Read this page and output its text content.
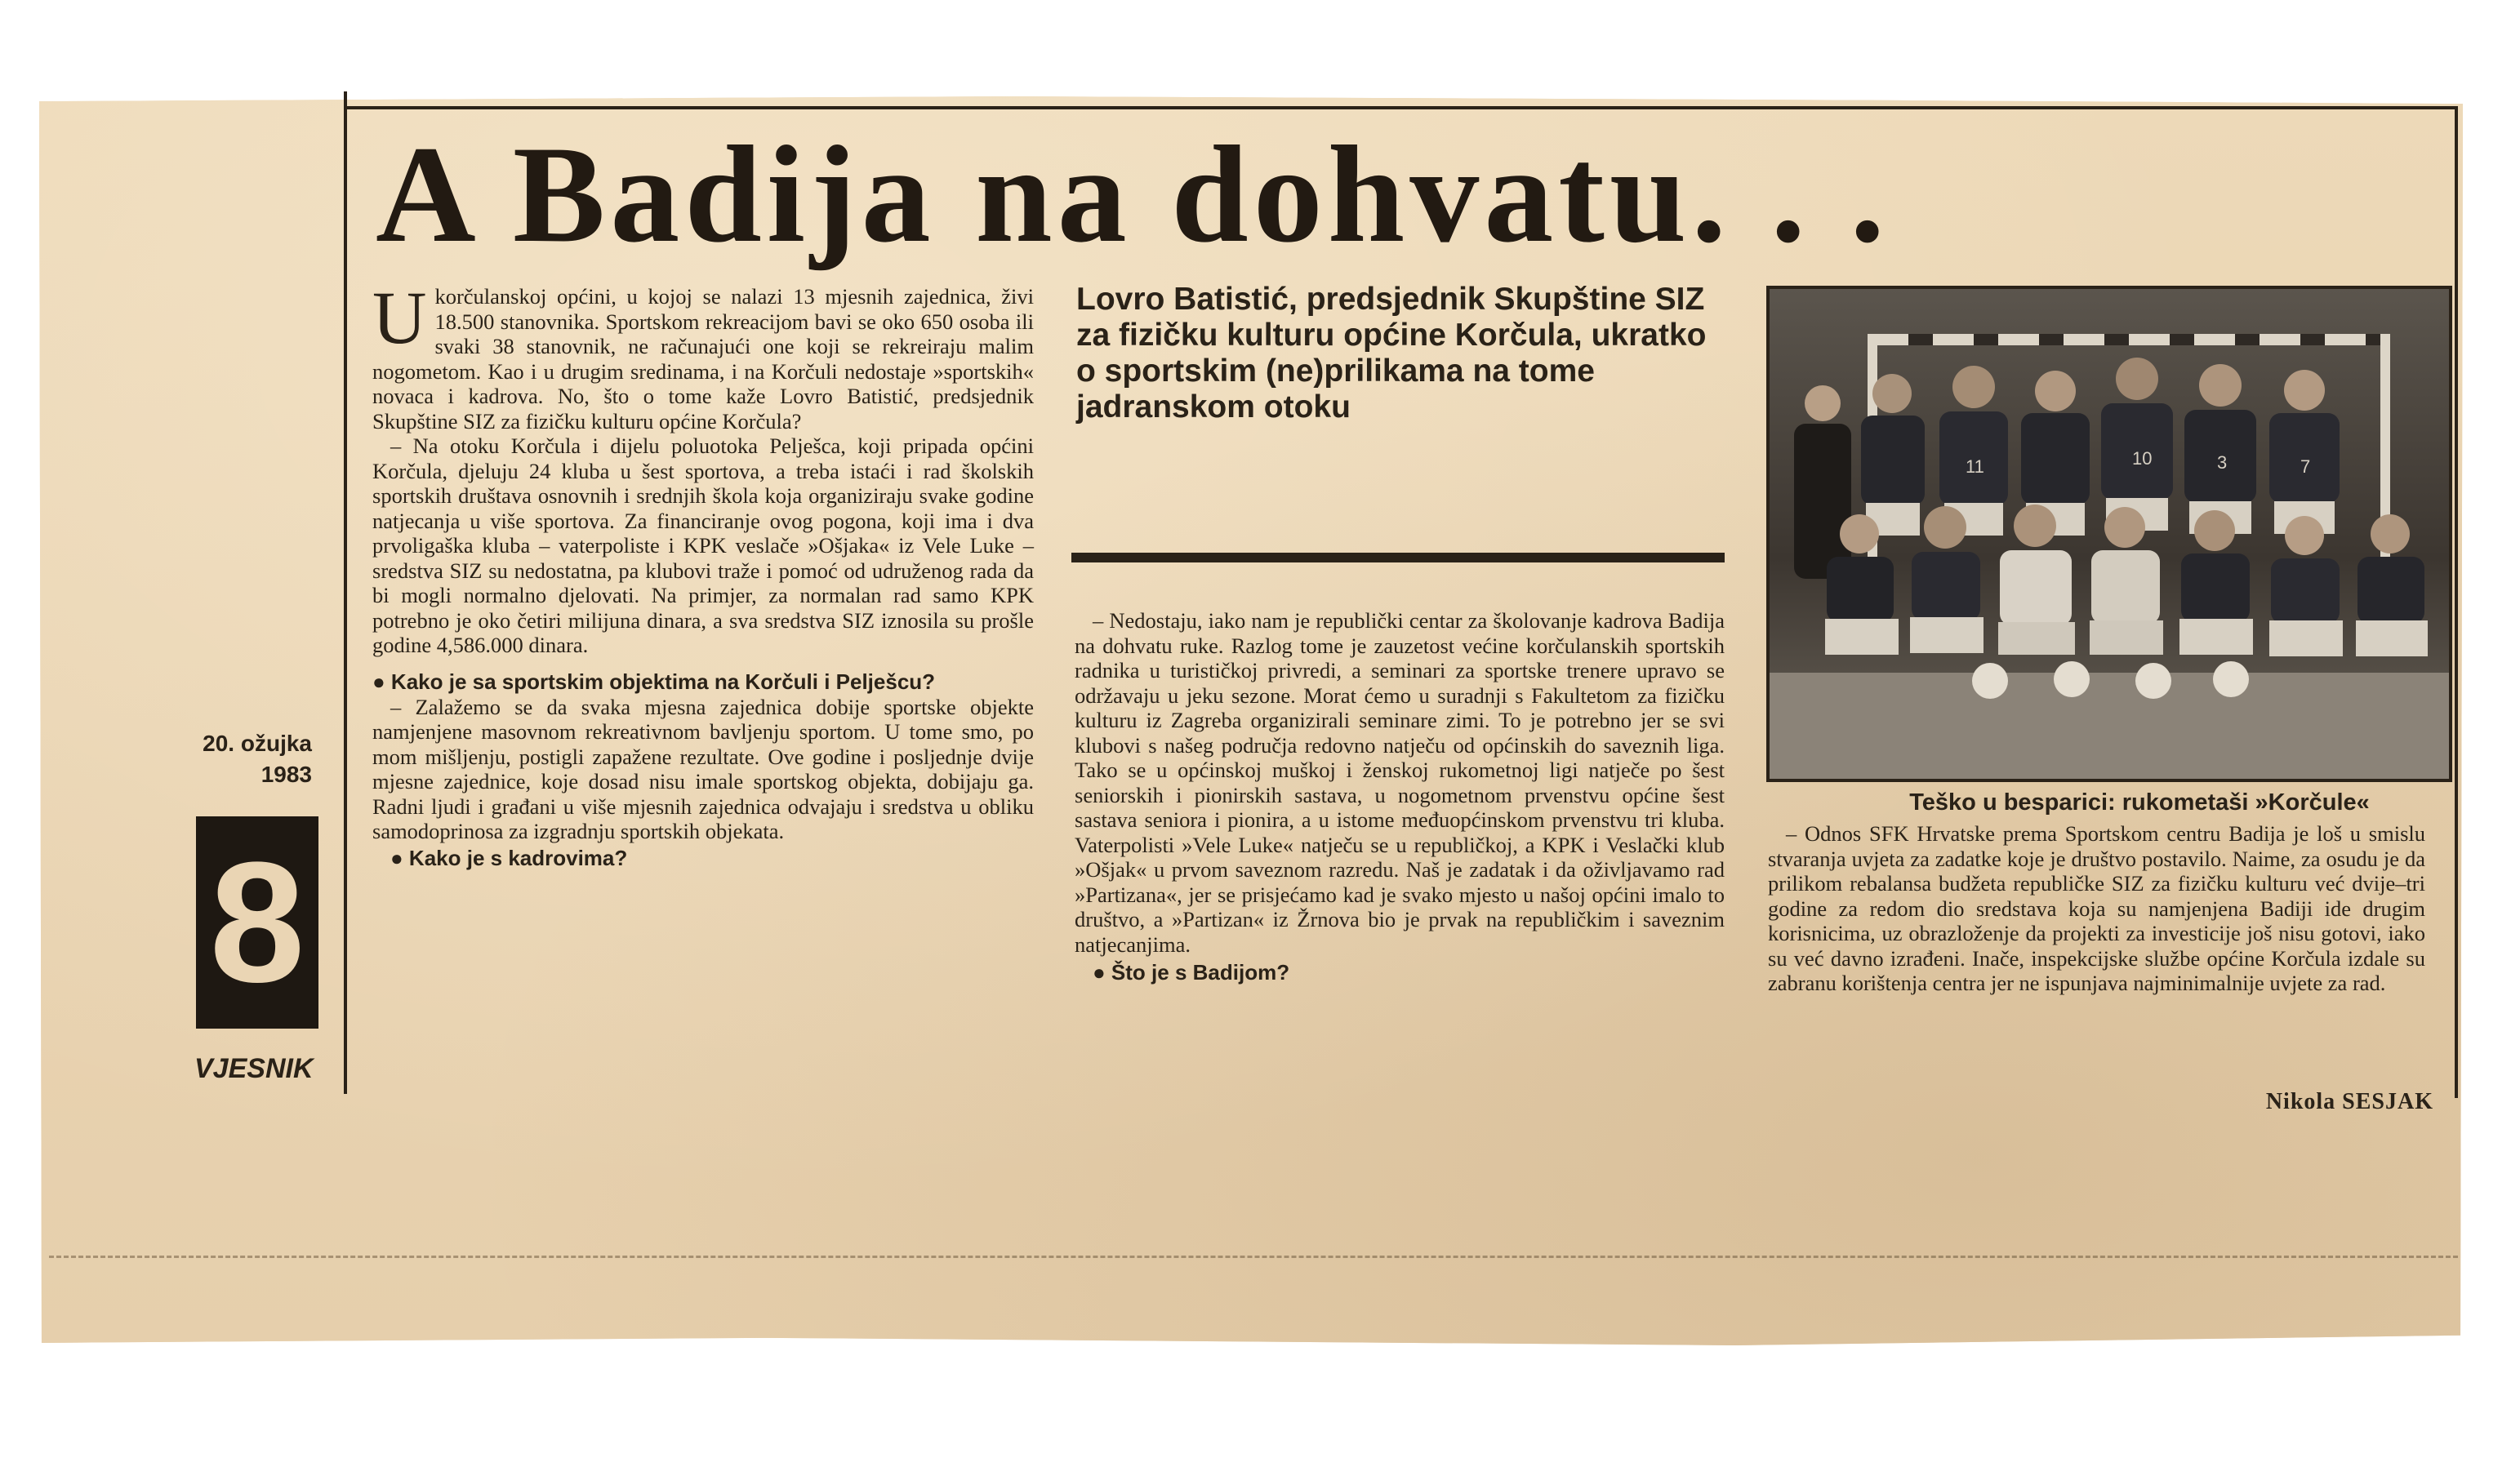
A Badija na dohvatu. . .
20. ožujka
1983
8
VJESNIK

Ukorčulanskoj općini, u kojoj se nalazi 13 mjesnih zajednica, živi 18.500 stanovnika. Sportskom rekreacijom bavi se oko 650 osoba ili svaki 38 stanovnik, ne računajući one koji se rekreiraju malim nogometom. Kao i u drugim sredinama, i na Korčuli nedostaje »sportskih« novaca i kadrova. No, što o tome kaže Lovro Batistić, predsjednik Skupštine SIZ za fizičku kulturu općine Korčula?

– Na otoku Korčula i dijelu poluotoka Pelješca, koji pripada općini Korčula, djeluju 24 kluba u šest sportova, a treba istaći i rad školskih sportskih društava osnovnih i srednjih škola koja organiziraju svake godine natjecanja u više sportova. Za financiranje ovog pogona, koji ima i dva prvoligaška kluba – vaterpoliste i KPK veslače »Ošjaka« iz Vele Luke – sredstva SIZ su nedostatna, pa klubovi traže i pomoć od udruženog rada da bi mogli normalno djelovati. Na primjer, za normalan rad samo KPK potrebno je oko četiri milijuna dinara, a sva sredstva SIZ iznosila su prošle godine 4,586.000 dinara.

● Kako je sa sportskim objektima na Korčuli i Pelješcu?

– Zalažemo se da svaka mjesna zajednica dobije sportske objekte namjenjene masovnom rekreativnom bavljenju sportom. U tome smo, po mom mišljenju, postigli zapažene rezultate. Ove godine i posljednje dvije mjesne zajednice, koje dosad nisu imale sportskog objekta, dobijaju ga. Radni ljudi i građani u više mjesnih zajednica odvajaju i sredstva u obliku samodoprinosa za izgradnju sportskih objekata.

● Kako je s kadrovima?

Lovro Batistić, predsjednik Skupštine SIZ za fizičku kulturu općine Korčula, ukratko o sportskim (ne)prilikama na tome jadranskom otoku

– Nedostaju, iako nam je republički centar za školovanje kadrova Badija na dohvatu ruke. Razlog tome je zauzetost većine korčulanskih sportskih radnika u turističkoj privredi, a seminari za sportske trenere upravo se održavaju u jeku sezone. Morat ćemo u suradnji s Fakultetom za fizičku kulturu iz Zagreba organizirali seminare zimi. To je potrebno jer se svi klubovi s našeg područja redovno natječu od općinskih do saveznih liga. Tako se u općinskoj muškoj i ženskoj rukometnoj ligi natječe po šest seniorskih i pionirskih sastava, u nogometnom prvenstvu općine šest sastava seniora i pionira, a u istome međuopćinskom prvenstvu tri kluba. Vaterpolisti »Vele Luke« natječu se u republičkoj, a KPK i Veslački klub »Ošjak« u prvom saveznom razredu. Naš je zadatak i da oživljavamo rad »Partizana«, jer se prisjećamo kad je svako mjesto u našoj općini imalo to društvo, a »Partizan« iz Žrnova bio je prvak na republičkim i saveznim natjecanjima.

● Što je s Badijom?

11	10	3	7
Teško u besparici: rukometaši »Korčule«

– Odnos SFK Hrvatske prema Sportskom centru Badija je loš u smislu stvaranja uvjeta za zadatke koje je društvo postavilo. Naime, za osudu je da prilikom rebalansa budžeta republičke SIZ za fizičku kulturu već dvije–tri godine za redom dio sredstava koja su namjenjena Badiji ide drugim korisnicima, uz obrazloženje da projekti za investicije još nisu gotovi, iako su već davno izrađeni. Inače, inspekcijske službe općine Korčula izdale su zabranu korištenja centra jer ne ispunjava najminimalnije uvjete za rad.

Nikola SESJAK
